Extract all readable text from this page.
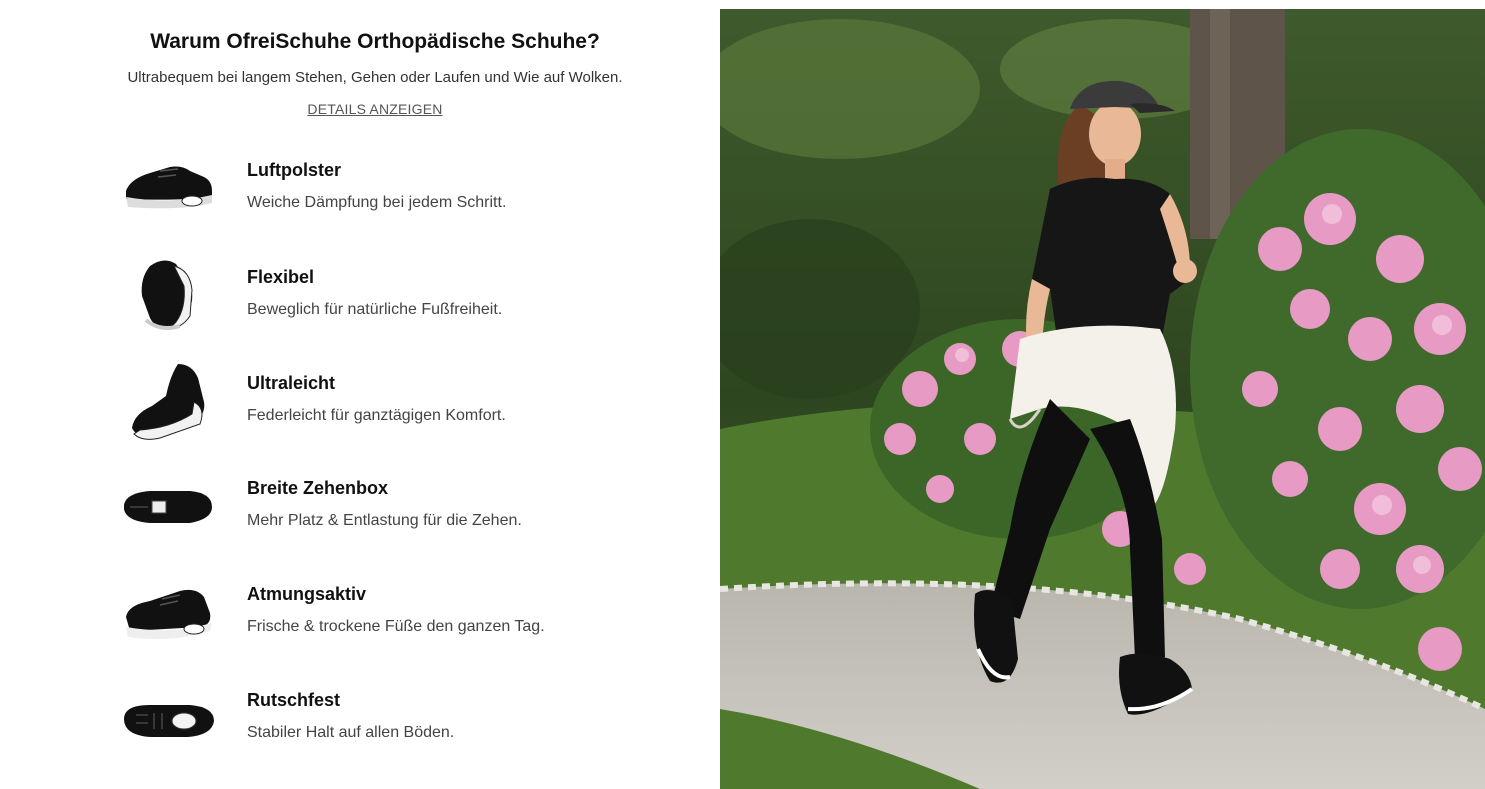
Warum OfreiSchuhe Orthopädische Schuhe?
Ultrabequem bei langem Stehen, Gehen oder Laufen und Wie auf Wolken.
DETAILS ANZEIGEN
Luftpolster
Weiche Dämpfung bei jedem Schritt.
Flexibel
Beweglich für natürliche Fußfreiheit.
Ultraleicht
Federleicht für ganztägigen Komfort.
Breite Zehenbox
Mehr Platz & Entlastung für die Zehen.
Atmungsaktiv
Frische & trockene Füße den ganzen Tag.
Rutschfest
Stabiler Halt auf allen Böden.
